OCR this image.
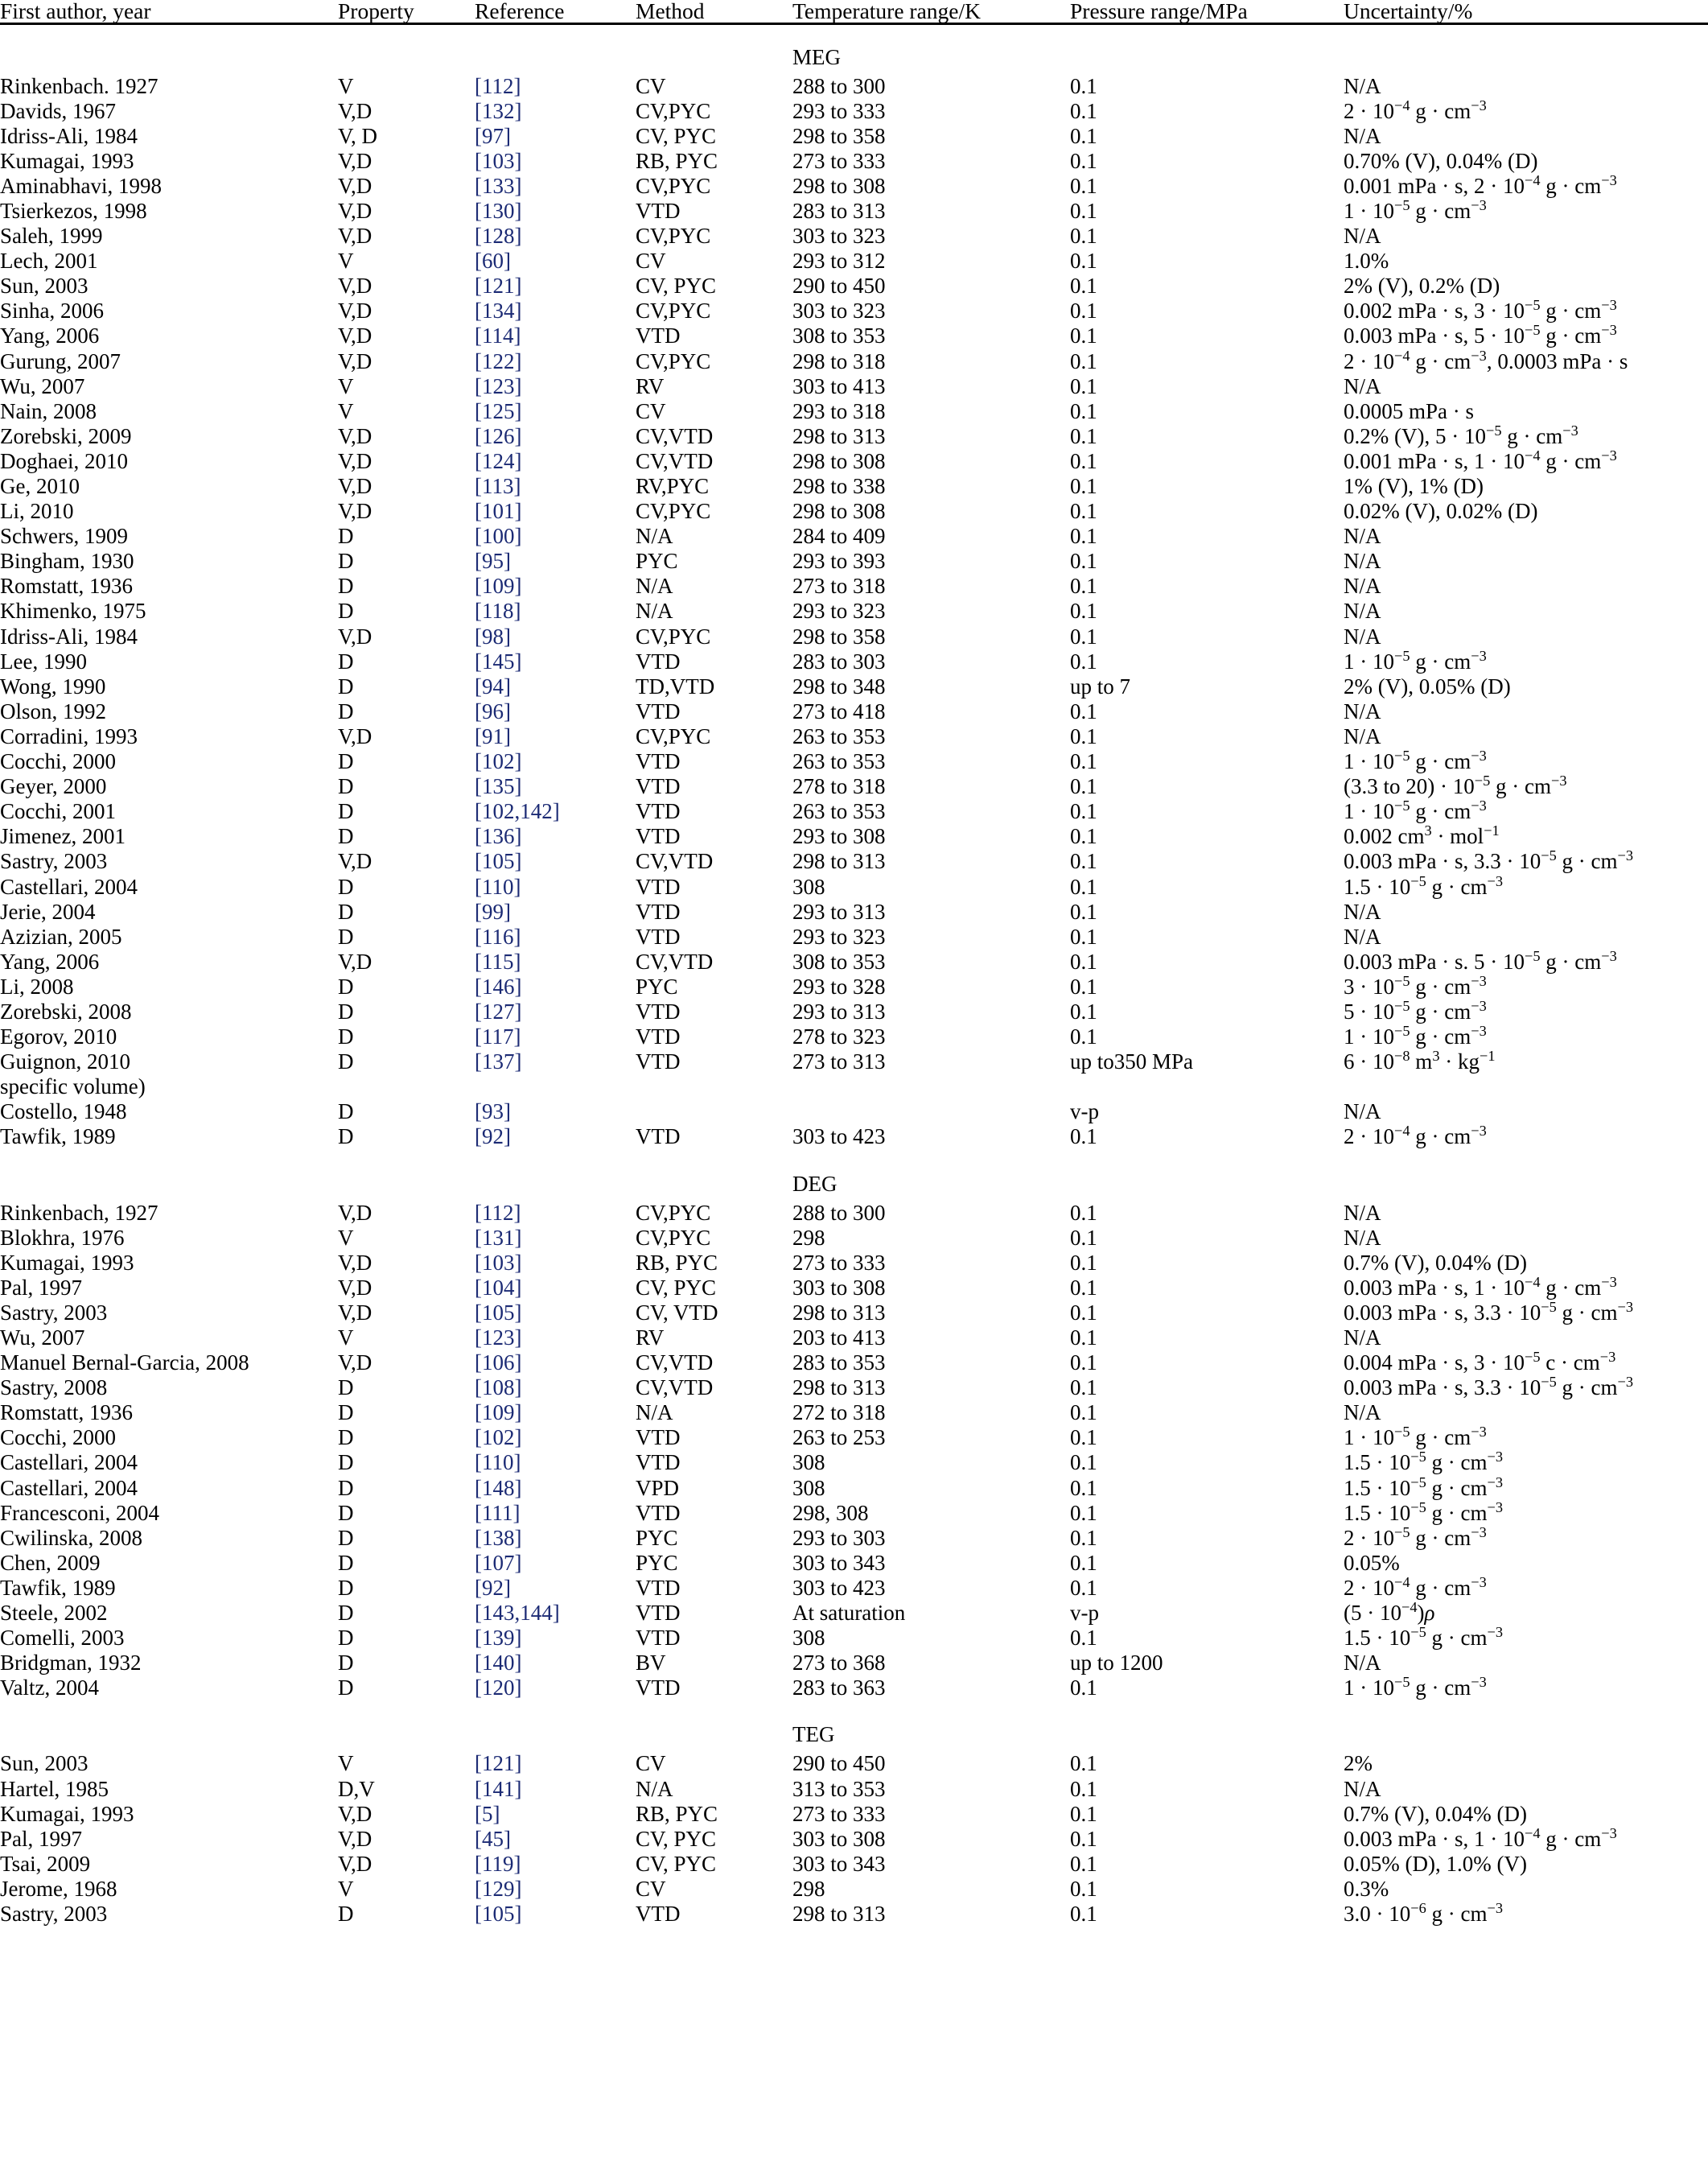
First author, year	Property	Reference	Method	Temperature range/K	Pressure range/MPa	Uncertainty/%

				MEG		
Rinkenbach. 1927	V	[112]	CV	288 to 300	0.1	N/A
Davids, 1967	V,D	[132]	CV,PYC	293 to 333	0.1	$2 \cdot 10^{-4}$ $g \cdot cm^{-3}$
Idriss-Ali, 1984	V, D	[97]	CV, PYC	298 to 358	0.1	N/A
Kumagai, 1993	V,D	[103]	RB, PYC	273 to 333	0.1	0.70% (V), 0.04% (D)
Aminabhavi, 1998	V,D	[133]	CV,PYC	298 to 308	0.1	0.001 mPa · s, $2 \cdot 10^{-4}$ $g \cdot cm^{-3}$
Tsierkezos, 1998	V,D	[130]	VTD	283 to 313	0.1	$1 \cdot 10^{-5}$ $g \cdot cm^{-3}$
Saleh, 1999	V,D	[128]	CV,PYC	303 to 323	0.1	N/A
Lech, 2001	V	[60]	CV	293 to 312	0.1	1.0%
Sun, 2003	V,D	[121]	CV, PYC	290 to 450	0.1	2% (V), 0.2% (D)
Sinha, 2006	V,D	[134]	CV,PYC	303 to 323	0.1	0.002 mPa · s, $3 \cdot 10^{-5}$ $g \cdot cm^{-3}$
Yang, 2006	V,D	[114]	VTD	308 to 353	0.1	0.003 mPa · s, $5 \cdot 10^{-5}$ $g \cdot cm^{-3}$
Gurung, 2007	V,D	[122]	CV,PYC	298 to 318	0.1	$2 \cdot 10^{-4}$ $g \cdot cm^{-3}$, 0.0003 mPa · s
Wu, 2007	V	[123]	RV	303 to 413	0.1	N/A
Nain, 2008	V	[125]	CV	293 to 318	0.1	0.0005 mPa · s
Zorebski, 2009	V,D	[126]	CV,VTD	298 to 313	0.1	0.2% (V), $5 \cdot 10^{-5}$ $g \cdot cm^{-3}$
Doghaei, 2010	V,D	[124]	CV,VTD	298 to 308	0.1	0.001 mPa · s, $1 \cdot 10^{-4}$ $g \cdot cm^{-3}$
Ge, 2010	V,D	[113]	RV,PYC	298 to 338	0.1	1% (V), 1% (D)
Li, 2010	V,D	[101]	CV,PYC	298 to 308	0.1	0.02% (V), 0.02% (D)
Schwers, 1909	D	[100]	N/A	284 to 409	0.1	N/A
Bingham, 1930	D	[95]	PYC	293 to 393	0.1	N/A
Romstatt, 1936	D	[109]	N/A	273 to 318	0.1	N/A
Khimenko, 1975	D	[118]	N/A	293 to 323	0.1	N/A
Idriss-Ali, 1984	V,D	[98]	CV,PYC	298 to 358	0.1	N/A
Lee, 1990	D	[145]	VTD	283 to 303	0.1	$1 \cdot 10^{-5}$ $g \cdot cm^{-3}$
Wong, 1990	D	[94]	TD,VTD	298 to 348	up to 7	2% (V), 0.05% (D)
Olson, 1992	D	[96]	VTD	273 to 418	0.1	N/A
Corradini, 1993	V,D	[91]	CV,PYC	263 to 353	0.1	N/A
Cocchi, 2000	D	[102]	VTD	263 to 353	0.1	$1 \cdot 10^{-5}$ $g \cdot cm^{-3}$
Geyer, 2000	D	[135]	VTD	278 to 318	0.1	(3.3 to $20) \cdot 10^{-5}$ $g \cdot cm^{-3}$
Cocchi, 2001	D	[102,142]	VTD	263 to 353	0.1	$1 \cdot 10^{-5}$ $g \cdot cm^{-3}$
Jimenez, 2001	D	[136]	VTD	293 to 308	0.1	0.002 $cm^3 \cdot mol^{-1}$
Sastry, 2003	V,D	[105]	CV,VTD	298 to 313	0.1	0.003 mPa · s, $3.3 \cdot 10^{-5}$ $g \cdot cm^{-3}$
Castellari, 2004	D	[110]	VTD	308	0.1	$1.5 \cdot 10^{-5}$ $g \cdot cm^{-3}$
Jerie, 2004	D	[99]	VTD	293 to 313	0.1	N/A
Azizian, 2005	D	[116]	VTD	293 to 323	0.1	N/A
Yang, 2006	V,D	[115]	CV,VTD	308 to 353	0.1	0.003 mPa · s. $5 \cdot 10^{-5}$ $g \cdot cm^{-3}$
Li, 2008	D	[146]	PYC	293 to 328	0.1	$3 \cdot 10^{-5}$ $g \cdot cm^{-3}$
Zorebski, 2008	D	[127]	VTD	293 to 313	0.1	$5 \cdot 10^{-5}$ $g \cdot cm^{-3}$
Egorov, 2010	D	[117]	VTD	278 to 323	0.1	$1 \cdot 10^{-5}$ $g \cdot cm^{-3}$
Guignon, 2010	D	[137]	VTD	273 to 313	up to350 MPa	$6 \cdot 10^{-8}$ $m^3 \cdot kg^{-1}$
specific volume)						
Costello, 1948	D	[93]			v-p	N/A
Tawfik, 1989	D	[92]	VTD	303 to 423	0.1	$2 \cdot 10^{-4}$ $g \cdot cm^{-3}$

				DEG		
Rinkenbach, 1927	V,D	[112]	CV,PYC	288 to 300	0.1	N/A
Blokhra, 1976	V	[131]	CV,PYC	298	0.1	N/A
Kumagai, 1993	V,D	[103]	RB, PYC	273 to 333	0.1	0.7% (V), 0.04% (D)
Pal, 1997	V,D	[104]	CV, PYC	303 to 308	0.1	0.003 mPa · s, $1 \cdot 10^{-4}$ $g \cdot cm^{-3}$
Sastry, 2003	V,D	[105]	CV, VTD	298 to 313	0.1	0.003 mPa · s, $3.3 \cdot 10^{-5}$ $g \cdot cm^{-3}$
Wu, 2007	V	[123]	RV	203 to 413	0.1	N/A
Manuel Bernal-Garcia, 2008	V,D	[106]	CV,VTD	283 to 353	0.1	0.004 mPa · s, $3 \cdot 10^{-5}$ $c \cdot cm^{-3}$
Sastry, 2008	D	[108]	CV,VTD	298 to 313	0.1	0.003 mPa · s, $3.3 \cdot 10^{-5}$ $g \cdot cm^{-3}$
Romstatt, 1936	D	[109]	N/A	272 to 318	0.1	N/A
Cocchi, 2000	D	[102]	VTD	263 to 253	0.1	$1 \cdot 10^{-5}$ $g \cdot cm^{-3}$
Castellari, 2004	D	[110]	VTD	308	0.1	$1.5 \cdot 10^{-5}$ $g \cdot cm^{-3}$
Castellari, 2004	D	[148]	VPD	308	0.1	$1.5 \cdot 10^{-5}$ $g \cdot cm^{-3}$
Francesconi, 2004	D	[111]	VTD	298, 308	0.1	$1.5 \cdot 10^{-5}$ $g \cdot cm^{-3}$
Cwilinska, 2008	D	[138]	PYC	293 to 303	0.1	$2 \cdot 10^{-5}$ $g \cdot cm^{-3}$
Chen, 2009	D	[107]	PYC	303 to 343	0.1	0.05%
Tawfik, 1989	D	[92]	VTD	303 to 423	0.1	$2 \cdot 10^{-4}$ $g \cdot cm^{-3}$
Steele, 2002	D	[143,144]	VTD	At saturation	v-p	$(5 \cdot 10^{-4})\rho$
Comelli, 2003	D	[139]	VTD	308	0.1	$1.5 \cdot 10^{-5}$ $g \cdot cm^{-3}$
Bridgman, 1932	D	[140]	BV	273 to 368	up to 1200	N/A
Valtz, 2004	D	[120]	VTD	283 to 363	0.1	$1 \cdot 10^{-5}$ $g \cdot cm^{-3}$

				TEG		
Sun, 2003	V	[121]	CV	290 to 450	0.1	2%
Hartel, 1985	D,V	[141]	N/A	313 to 353	0.1	N/A
Kumagai, 1993	V,D	[5]	RB, PYC	273 to 333	0.1	0.7% (V), 0.04% (D)
Pal, 1997	V,D	[45]	CV, PYC	303 to 308	0.1	0.003 mPa · s, $1 \cdot 10^{-4}$ $g \cdot cm^{-3}$
Tsai, 2009	V,D	[119]	CV, PYC	303 to 343	0.1	0.05% (D), 1.0% (V)
Jerome, 1968	V	[129]	CV	298	0.1	0.3%
Sastry, 2003	D	[105]	VTD	298 to 313	0.1	$3.0 \cdot 10^{-6}$ $g \cdot cm^{-3}$
